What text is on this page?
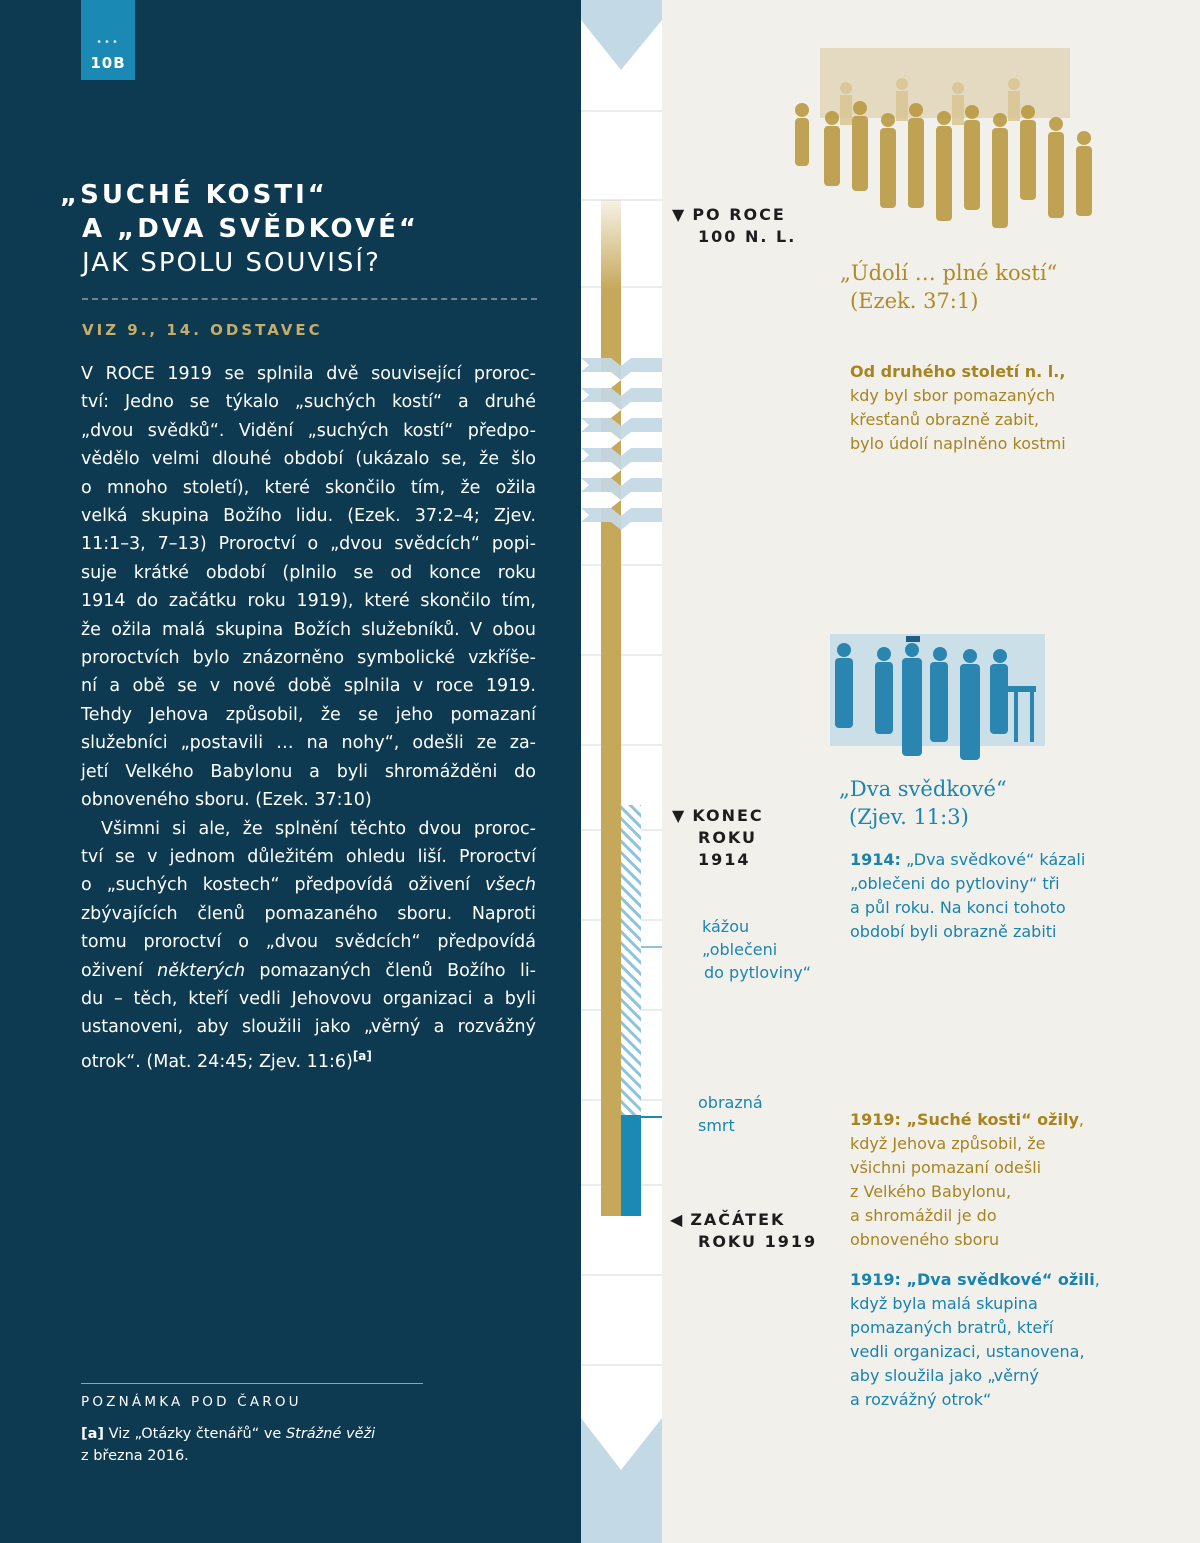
•••
10B
„SUCHÉ KOSTI“
A „DVA SVĚDKOVÉ“
JAK SPOLU SOUVISÍ?
VIZ 9., 14. ODSTAVEC
V ROCE 1919 se splnila dvě související proroc-
tví: Jedno se týkalo „suchých kostí“ a druhé
„dvou svědků“. Vidění „suchých kostí“ předpo-
vědělo velmi dlouhé období (ukázalo se, že šlo
o mnoho století), které skončilo tím, že ožila
velká skupina Božího lidu. (Ezek. 37:2–4; Zjev.
11:1–3, 7–13) Proroctví o „dvou svědcích“ popi-
suje krátké období (plnilo se od konce roku
1914 do začátku roku 1919), které skončilo tím,
že ožila malá skupina Božích služebníků. V obou
proroctvích bylo znázorněno symbolické vzkříše-
ní a obě se v nové době splnila v roce 1919.
Tehdy Jehova způsobil, že se jeho pomazaní
služebníci „postavili … na nohy“, odešli ze za-
jetí Velkého Babylonu a byli shromážděni do
obnoveného sboru. (Ezek. 37:10)
Všimni si ale, že splnění těchto dvou proroc-
tví se v jednom důležitém ohledu liší. Proroctví
o „suchých kostech“ předpovídá oživení všech
zbývajících členů pomazaného sboru. Naproti
tomu proroctví o „dvou svědcích“ předpovídá
oživení některých pomazaných členů Božího li-
du – těch, kteří vedli Jehovovu organizaci a byli
ustanoveni, aby sloužili jako „věrný a rozvážný
otrok“. (Mat. 24:45; Zjev. 11:6)[a]
POZNÁMKA POD ČAROU
[a] Viz „Otázky čtenářů“ ve Strážné věži
z března 2016.
▼ PO ROCE
100 N. L.
▼ KONEC
ROKU
1914
◀ ZAČÁTEK
ROKU 1919
kážou
„oblečeni
do pytloviny“
obrazná
smrt
„Údolí … plné kostí“
(Ezek. 37:1)
Od druhého století n. l.,
kdy byl sbor pomazaných
křesťanů obrazně zabit,
bylo údolí naplněno kostmi
„Dva svědkové“
(Zjev. 11:3)
1914: „Dva svědkové“ kázali
„oblečeni do pytloviny“ tři
a půl roku. Na konci tohoto
období byli obrazně zabiti
1919: „Suché kosti“ ožily,
když Jehova způsobil, že
všichni pomazaní odešli
z Velkého Babylonu,
a shromáždil je do
obnoveného sboru
1919: „Dva svědkové“ ožili,
když byla malá skupina
pomazaných bratrů, kteří
vedli organizaci, ustanovena,
aby sloužila jako „věrný
a rozvážný otrok“
